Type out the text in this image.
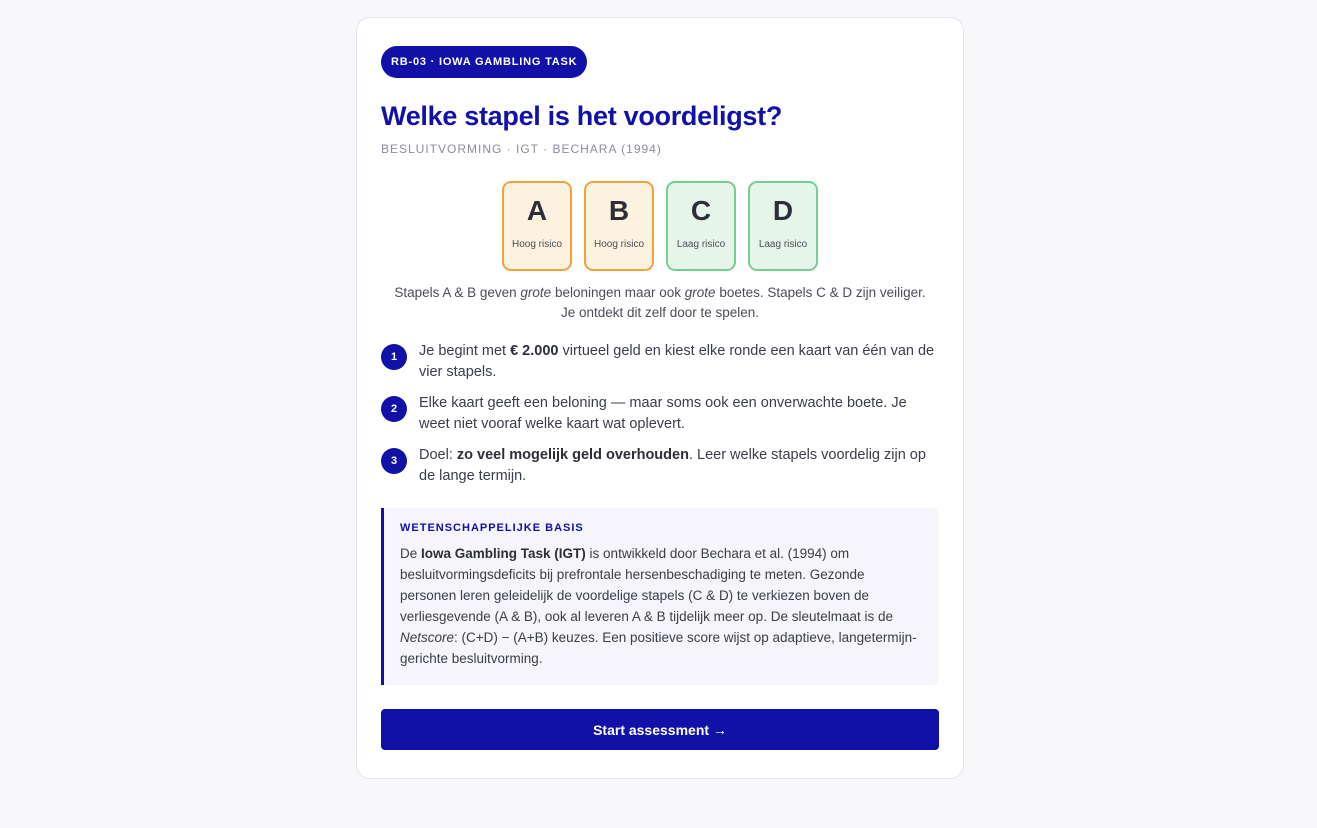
RB-03 · IOWA GAMBLING TASK
Welke stapel is het voordeligst?
BESLUITVORMING · IGT · BECHARA (1994)
A
Hoog risico
B
Hoog risico
C
Laag risico
D
Laag risico

Stapels A & B geven grote beloningen maar ook grote boetes. Stapels C & D zijn veiliger. Je ontdekt dit zelf door te spelen.

1	Je begint met € 2.000 virtueel geld en kiest elke ronde een kaart van één van de vier stapels.
2	Elke kaart geeft een beloning — maar soms ook een onverwachte boete. Je weet niet vooraf welke kaart wat oplevert.
3	Doel: zo veel mogelijk geld overhouden. Leer welke stapels voordelig zijn op de lange termijn.
WETENSCHAPPELIJKE BASIS

De Iowa Gambling Task (IGT) is ontwikkeld door Bechara et al. (1994) om besluitvormingsdeficits bij prefrontale hersenbeschadiging te meten. Gezonde personen leren geleidelijk de voordelige stapels (C & D) te verkiezen boven de verliesgevende (A & B), ook al leveren A & B tijdelijk meer op. De sleutelmaat is de Netscore: (C+D) − (A+B) keuzes. Een positieve score wijst op adaptieve, langetermijn-gerichte besluitvorming.

Start assessment →
